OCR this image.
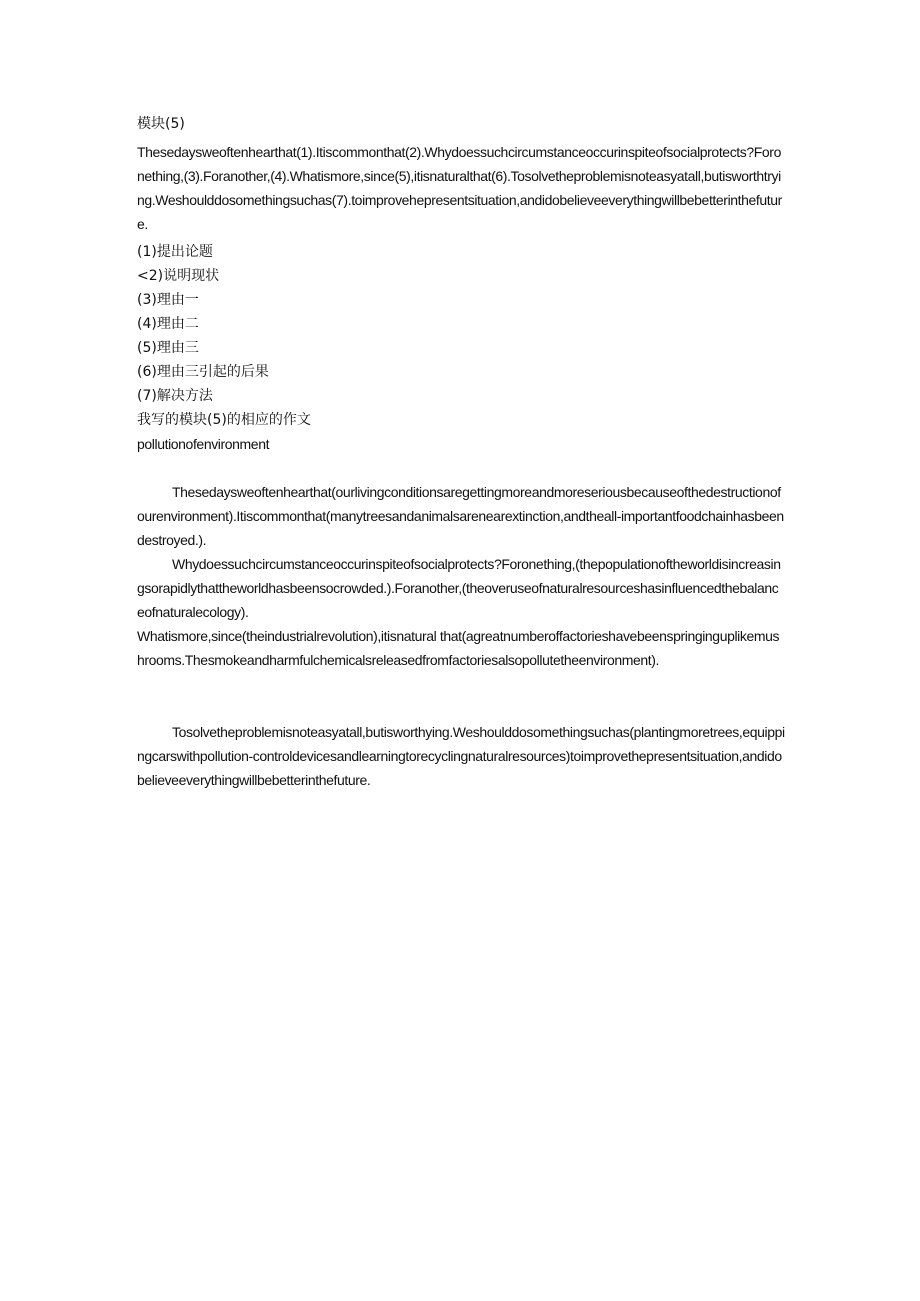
模块(5)
Thesedaysweoftenhearthat(1).Itiscommonthat(2).Whydoessuchcircumstanceoccurinspiteofsocialprotects?Foronething,(3).Foranother,(4).Whatismore,since(5),itisnaturalthat(6).Tosolvetheproblemisnoteasyatall,butisworthtrying.Weshoulddosomethingsuchas(7).toimprovehepresentsituation,andidobelieveeverythingwillbebetterinthefuture.
(1)提出论题
<2)说明现状
(3)理由一
(4)理由二
(5)理由三
(6)理由三引起的后果
(7)解决方法
我写的模块(5)的相应的作文
pollutionofenvironment
Thesedaysweoftenhearthat(ourlivingconditionsaregettingmoreandmoreseriousbecauseofthedestructionofourenvironment).Itiscommonthat(manytreesandanimalsarenearextinction,andtheall-importantfoodchainhasbeendestroyed.).
Whydoessuchcircumstanceoccurinspiteofsocialprotects?Foronething,(thepopulationoftheworldisincreasingsorapidlythattheworldhasbeensocrowded.).Foranother,(theoveruseofnaturalresourceshasinfluencedthebalanceofnaturalecology).
Whatismore,since(theindustrialrevolution),itisnatural that(agreatnumberoffactorieshavebeenspringinguplikemushrooms.Thesmokeandharmfulchemicalsreleasedfromfactoriesalsopollutetheenvironment).
Tosolvetheproblemisnoteasyatall,butisworthying.Weshoulddosomethingsuchas(plantingmoretrees,equippingcarswithpollution-controldevicesandlearningtorecyclingnaturalresources)toimprovethepresentsituation,andidobelieveeverythingwillbebetterinthefuture.
